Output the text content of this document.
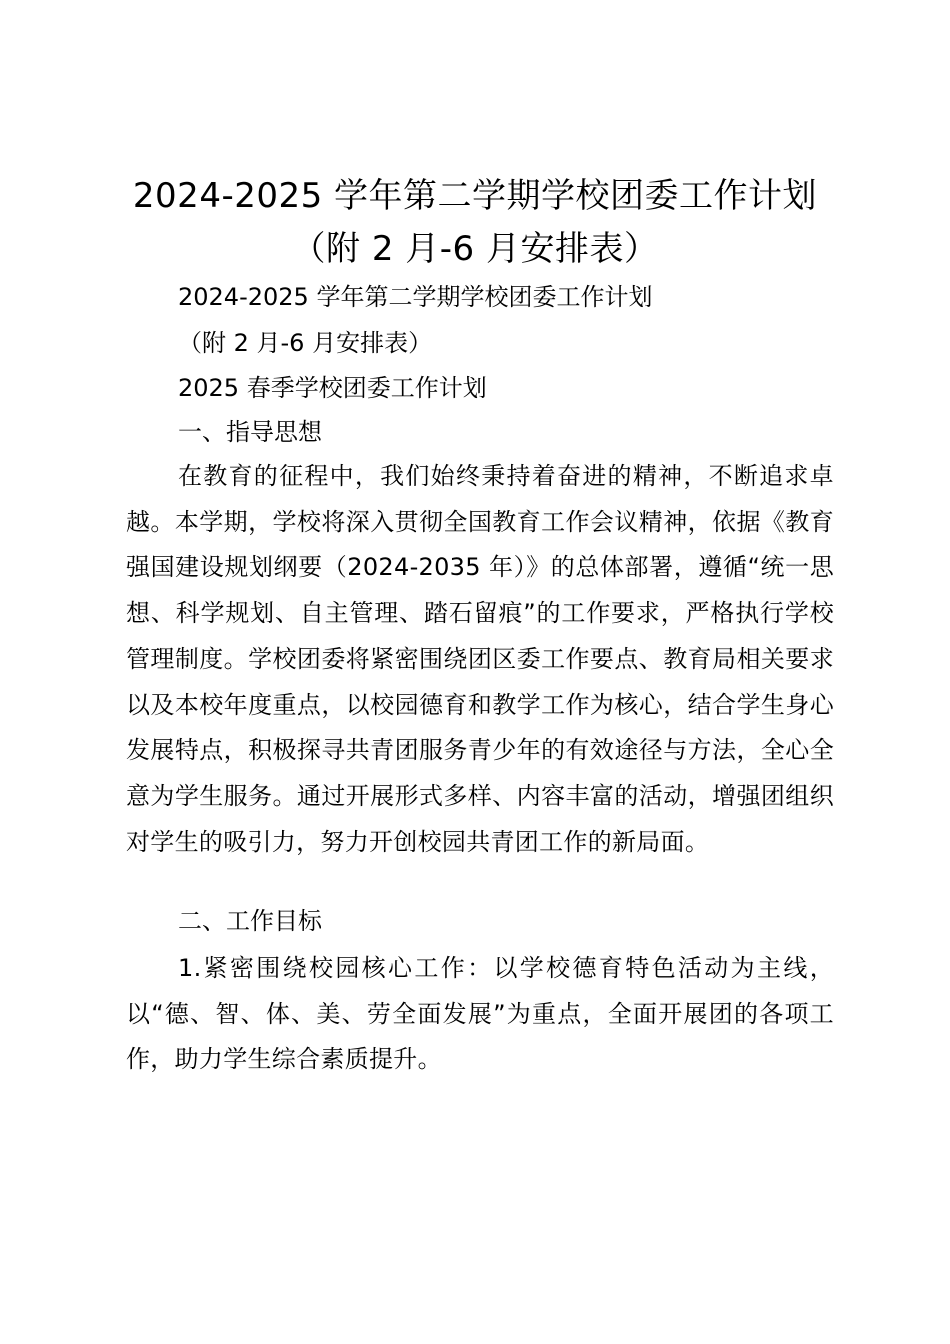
2024-2025 学年第二学期学校团委工作计划
（附 2 月-6 月安排表）

2024-2025 学年第二学期学校团委工作计划

（附 2 月-6 月安排表）

2025 春季学校团委工作计划

一、指导思想

在教育的征程中，我们始终秉持着奋进的精神，不断追求卓越。本学期，学校将深入贯彻全国教育工作会议精神，依据《教育强国建设规划纲要（2024-2035 年）》的总体部署，遵循“统一思想、科学规划、自主管理、踏石留痕”的工作要求，严格执行学校管理制度。学校团委将紧密围绕团区委工作要点、教育局相关要求以及本校年度重点，以校园德育和教学工作为核心，结合学生身心发展特点，积极探寻共青团服务青少年的有效途径与方法，全心全意为学生服务。通过开展形式多样、内容丰富的活动，增强团组织对学生的吸引力，努力开创校园共青团工作的新局面。

二、工作目标

1.紧密围绕校园核心工作：以学校德育特色活动为主线，以“德、智、体、美、劳全面发展”为重点，全面开展团的各项工作，助力学生综合素质提升。
